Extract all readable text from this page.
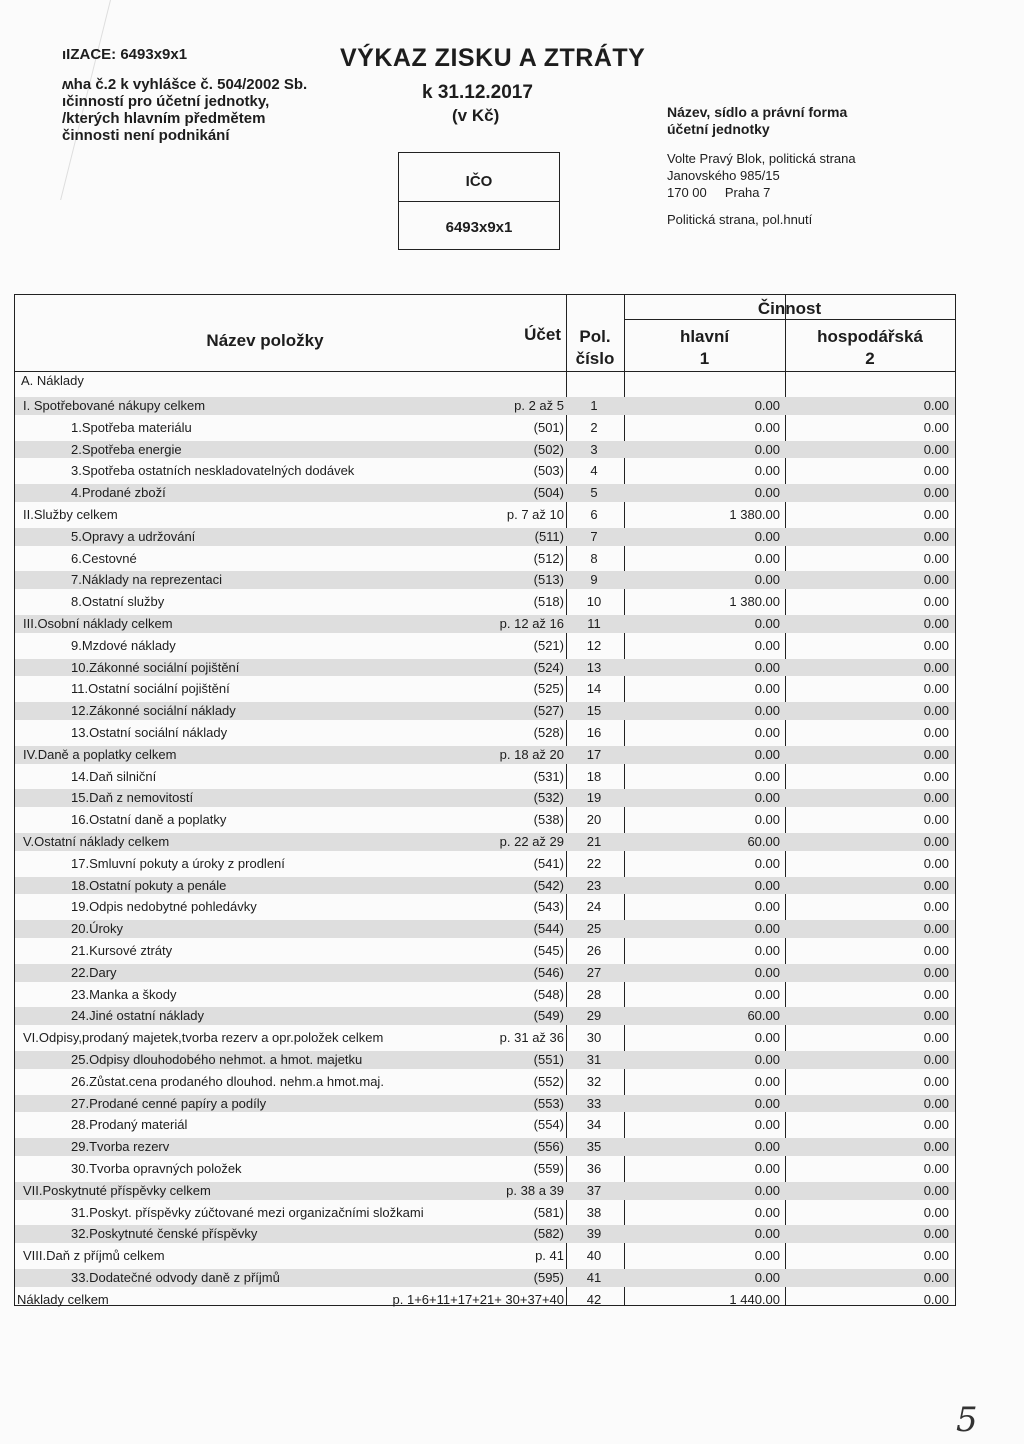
ıIZACE: 6493x9x1
ʍha č.2 k vyhlášce č. 504/2002 Sb.
ıčinností pro účetní jednotky,
/kterých hlavním předmětem
činnosti není podnikání
VÝKAZ ZISKU A ZTRÁTY
k 31.12.2017
(v Kč)
IČO
6493x9x1
Název, sídlo a právní forma
účetní jednotky
Volte Pravý Blok, politická strana
Janovského 985/15
170 00     Praha 7
Politická strana, pol.hnutí
Název položky	Účet	Pol.
číslo
Činnost
hlavní	hospodářská
1	2
A. Náklady
I. Spotřebované nákupy celkem	p. 2 až 5	1	0.00	0.00
1.Spotřeba materiálu	(501)	2	0.00	0.00
2.Spotřeba energie	(502)	3	0.00	0.00
3.Spotřeba ostatních neskladovatelných dodávek	(503)	4	0.00	0.00
4.Prodané zboží	(504)	5	0.00	0.00
II.Služby celkem	p. 7 až 10	6	1 380.00	0.00
5.Opravy a udržování	(511)	7	0.00	0.00
6.Cestovné	(512)	8	0.00	0.00
7.Náklady na reprezentaci	(513)	9	0.00	0.00
8.Ostatní služby	(518)	10	1 380.00	0.00
III.Osobní náklady celkem	p. 12 až 16	11	0.00	0.00
9.Mzdové náklady	(521)	12	0.00	0.00
10.Zákonné sociální pojištění	(524)	13	0.00	0.00
11.Ostatní sociální pojištění	(525)	14	0.00	0.00
12.Zákonné sociální náklady	(527)	15	0.00	0.00
13.Ostatní sociální náklady	(528)	16	0.00	0.00
IV.Daně a poplatky celkem	p. 18 až 20	17	0.00	0.00
14.Daň silniční	(531)	18	0.00	0.00
15.Daň z nemovitostí	(532)	19	0.00	0.00
16.Ostatní daně a poplatky	(538)	20	0.00	0.00
V.Ostatní náklady celkem	p. 22 až 29	21	60.00	0.00
17.Smluvní pokuty a úroky z prodlení	(541)	22	0.00	0.00
18.Ostatní pokuty a penále	(542)	23	0.00	0.00
19.Odpis nedobytné pohledávky	(543)	24	0.00	0.00
20.Úroky	(544)	25	0.00	0.00
21.Kursové ztráty	(545)	26	0.00	0.00
22.Dary	(546)	27	0.00	0.00
23.Manka a škody	(548)	28	0.00	0.00
24.Jiné ostatní náklady	(549)	29	60.00	0.00
VI.Odpisy,prodaný majetek,tvorba rezerv a opr.položek celkem	p. 31 až 36	30	0.00	0.00
25.Odpisy dlouhodobého nehmot. a hmot. majetku	(551)	31	0.00	0.00
26.Zůstat.cena prodaného dlouhod. nehm.a hmot.maj.	(552)	32	0.00	0.00
27.Prodané cenné papíry a podíly	(553)	33	0.00	0.00
28.Prodaný materiál	(554)	34	0.00	0.00
29.Tvorba rezerv	(556)	35	0.00	0.00
30.Tvorba opravných položek	(559)	36	0.00	0.00
VII.Poskytnuté příspěvky celkem	p. 38 a 39	37	0.00	0.00
31.Poskyt. příspěvky zúčtované mezi organizačními složkami	(581)	38	0.00	0.00
32.Poskytnuté čenské příspěvky	(582)	39	0.00	0.00
VIII.Daň z příjmů celkem	p. 41	40	0.00	0.00
33.Dodatečné odvody daně z příjmů	(595)	41	0.00	0.00
Náklady celkem	p. 1+6+11+17+21+ 30+37+40	42	1 440.00	0.00
5
